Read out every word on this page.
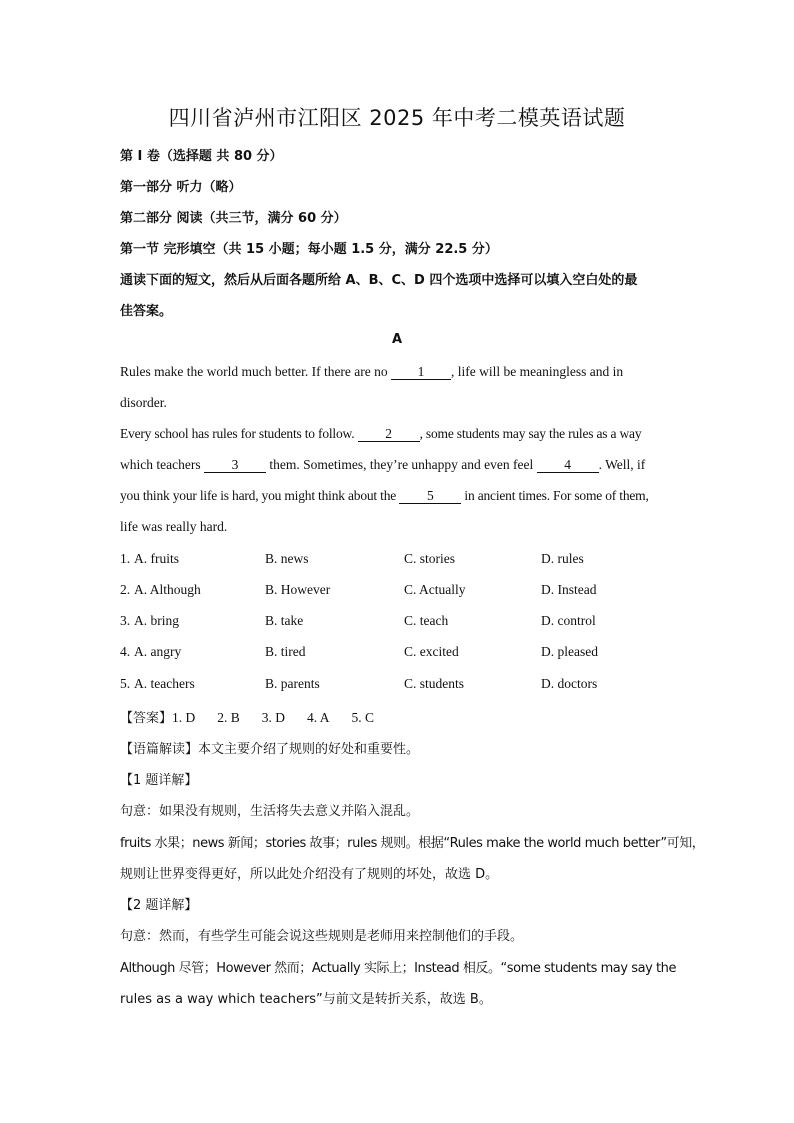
四川省泸州市江阳区 2025 年中考二模英语试题
第 I 卷（选择题 共 80 分）
第一部分 听力（略）
第二部分 阅读（共三节，满分 60 分）
第一节 完形填空（共 15 小题；每小题 1.5 分，满分 22.5 分）
通读下面的短文，然后从后面各题所给 A、B、C、D 四个选项中选择可以填入空白处的最
佳答案。
A
Rules make the world much better. If there are no 1 , life will be meaningless and in
disorder.
Every school has rules for students to follow. 2 , some students may say the rules as a way
which teachers 3 them. Sometimes, they’re unhappy and even feel 4 . Well, if
you think your life is hard, you might think about the 5 in ancient times. For some of them,
life was really hard.
1. A. fruits	B. news	C. stories	D. rules
2. A. Although	B. However	C. Actually	D. Instead
3. A. bring	B. take	C. teach	D. control
4. A. angry	B. tired	C. excited	D. pleased
5. A. teachers	B. parents	C. students	D. doctors
【答案】1. D 2. B 3. D 4. A 5. C
【语篇解读】本文主要介绍了规则的好处和重要性。
【1 题详解】
句意：如果没有规则，生活将失去意义并陷入混乱。
fruits 水果；news 新闻；stories 故事；rules 规则。根据“Rules make the world much better”可知，
规则让世界变得更好，所以此处介绍没有了规则的坏处，故选 D。
【2 题详解】
句意：然而，有些学生可能会说这些规则是老师用来控制他们的手段。
Although 尽管；However 然而；Actually 实际上；Instead 相反。“some students may say the
rules as a way which teachers”与前文是转折关系，故选 B。
